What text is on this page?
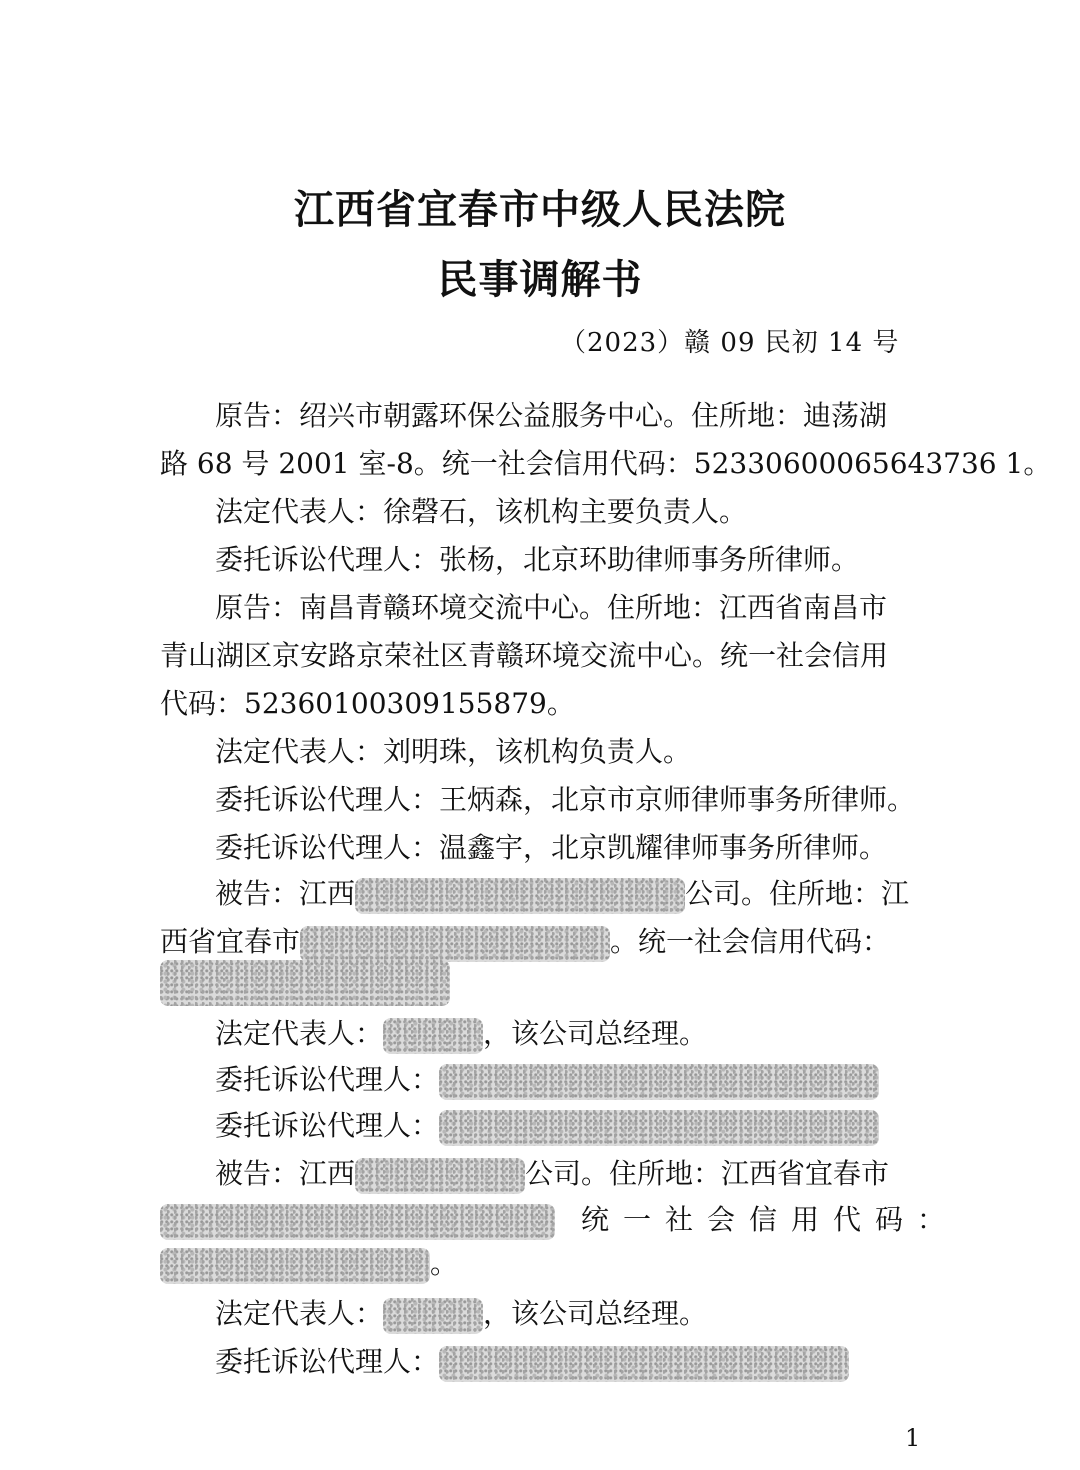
江西省宜春市中级人民法院
民事调解书
（2023）赣 09 民初 14 号
原告：绍兴市朝露环保公益服务中心。住所地：迪荡湖
路 68 号 2001 室-8。统一社会信用代码：52330600065643736 1。
法定代表人：徐磬石，该机构主要负责人。
委托诉讼代理人：张杨，北京环助律师事务所律师。
原告：南昌青赣环境交流中心。住所地：江西省南昌市
青山湖区京安路京荣社区青赣环境交流中心。统一社会信用
代码：52360100309155879。
法定代表人：刘明珠，该机构负责人。
委托诉讼代理人：王炳森，北京市京师律师事务所律师。
委托诉讼代理人：温鑫宇，北京凯耀律师事务所律师。
被告：江西	公司。住所地：江
西省宜春市	。统一社会信用代码：
法定代表人：	，该公司总经理。
委托诉讼代理人：
委托诉讼代理人：
被告：江西	公司。住所地：江西省宜春市
统一社会信用代码：
。
法定代表人：	，该公司总经理。
委托诉讼代理人：
1
